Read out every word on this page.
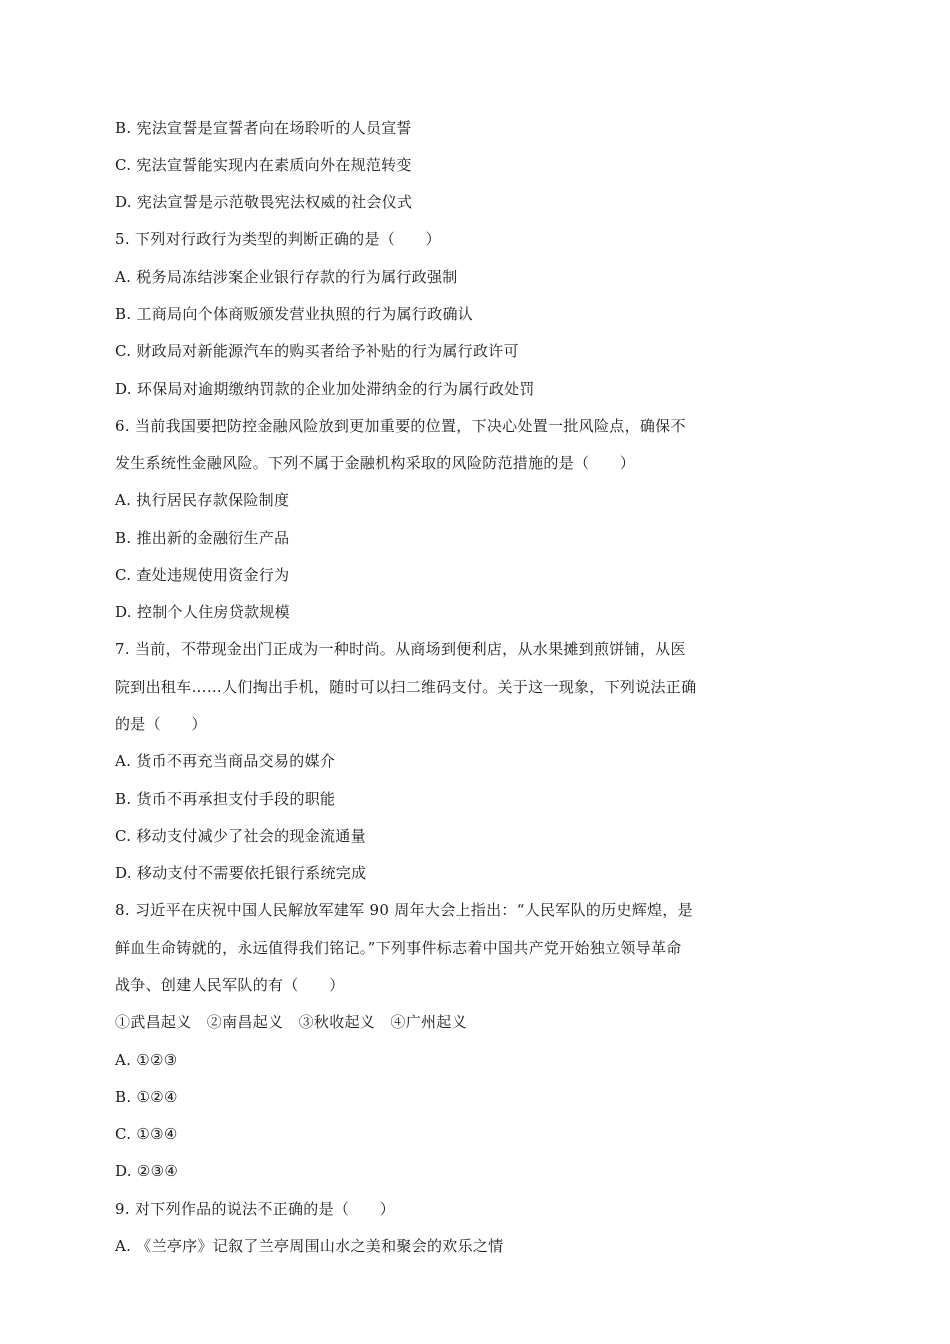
B. 宪法宣誓是宣誓者向在场聆听的人员宣誓
C. 宪法宣誓能实现内在素质向外在规范转变
D. 宪法宣誓是示范敬畏宪法权威的社会仪式
5. 下列对行政行为类型的判断正确的是（　　）
A. 税务局冻结涉案企业银行存款的行为属行政强制
B. 工商局向个体商贩颁发营业执照的行为属行政确认
C. 财政局对新能源汽车的购买者给予补贴的行为属行政许可
D. 环保局对逾期缴纳罚款的企业加处滞纳金的行为属行政处罚
6. 当前我国要把防控金融风险放到更加重要的位置，下决心处置一批风险点，确保不
发生系统性金融风险。下列不属于金融机构采取的风险防范措施的是（　　）
A. 执行居民存款保险制度
B. 推出新的金融衍生产品
C. 查处违规使用资金行为
D. 控制个人住房贷款规模
7. 当前，不带现金出门正成为一种时尚。从商场到便利店，从水果摊到煎饼铺，从医
院到出租车……人们掏出手机，随时可以扫二维码支付。关于这一现象，下列说法正确
的是（　　）
A. 货币不再充当商品交易的媒介
B. 货币不再承担支付手段的职能
C. 移动支付减少了社会的现金流通量
D. 移动支付不需要依托银行系统完成
8. 习近平在庆祝中国人民解放军建军 90 周年大会上指出：“人民军队的历史辉煌，是
鲜血生命铸就的，永远值得我们铭记。”下列事件标志着中国共产党开始独立领导革命
战争、创建人民军队的有（　　）
①武昌起义　②南昌起义　③秋收起义　④广州起义
A. ①②③
B. ①②④
C. ①③④
D. ②③④
9. 对下列作品的说法不正确的是（　　）
A. 《兰亭序》记叙了兰亭周围山水之美和聚会的欢乐之情
